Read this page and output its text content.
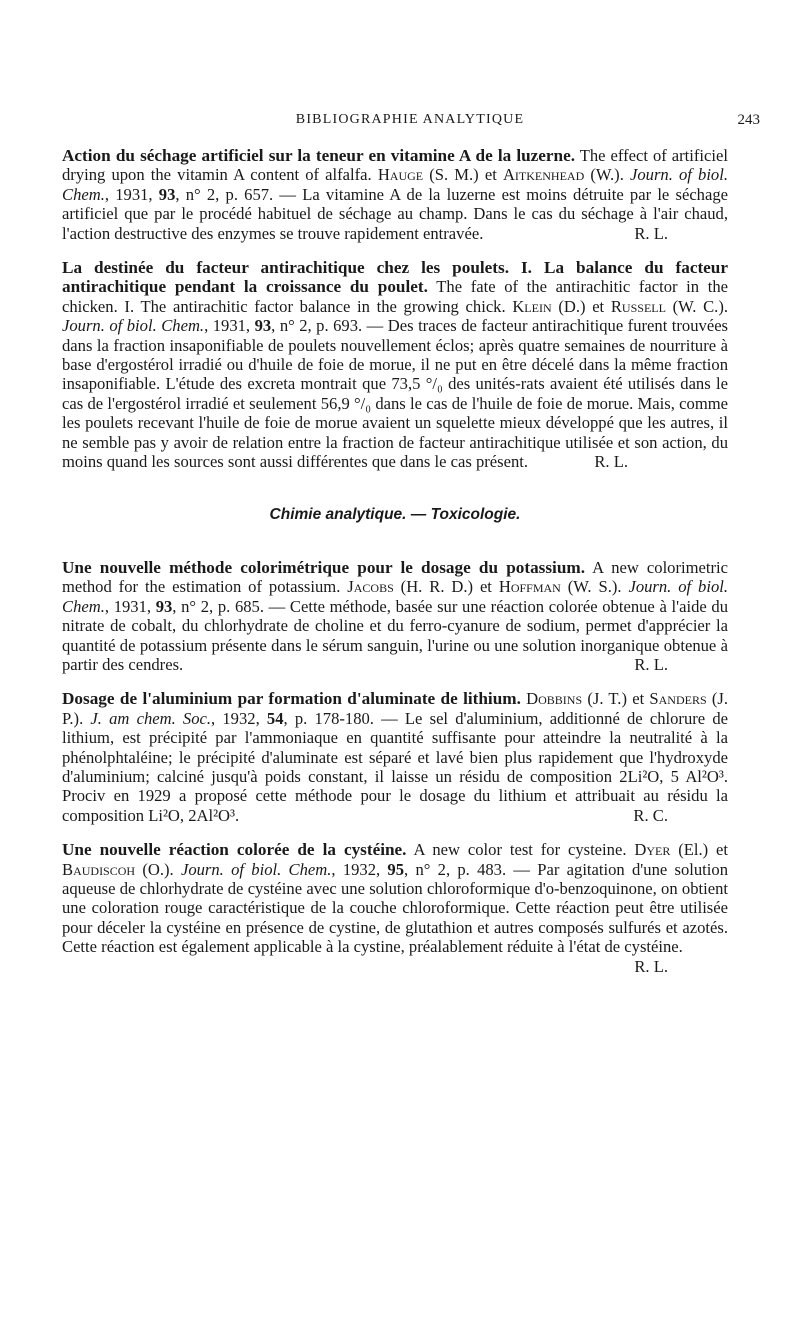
BIBLIOGRAPHIE ANALYTIQUE	243

Action du séchage artificiel sur la teneur en vitamine A de la luzerne. The effect of artificiel drying upon the vitamin A content of alfalfa. Hauge (S. M.) et Aitkenhead (W.). Journ. of biol. Chem., 1931, 93, n° 2, p. 657. — La vitamine A de la luzerne est moins détruite par le séchage artificiel que par le procédé habituel de séchage au champ. Dans le cas du séchage à l'air chaud, l'action destructive des enzymes se trouve rapidement entravée.	R. L.

La destinée du facteur antirachitique chez les poulets. I. La balance du facteur antirachitique pendant la croissance du poulet. The fate of the antirachitic factor in the chicken. I. The antirachitic factor balance in the growing chick. Klein (D.) et Russell (W. C.). Journ. of biol. Chem., 1931, 93, n° 2, p. 693. — Des traces de facteur antirachitique furent trouvées dans la fraction insaponifiable de poulets nouvellement éclos; après quatre semaines de nourriture à base d'ergostérol irradié ou d'huile de foie de morue, il ne put en être décelé dans la même fraction insaponifiable. L'étude des excreta montrait que 73,5 °/₀ des unités-rats avaient été utilisés dans le cas de l'ergostérol irradié et seulement 56,9 °/₀ dans le cas de l'huile de foie de morue. Mais, comme les poulets recevant l'huile de foie de morue avaient un squelette mieux développé que les autres, il ne semble pas y avoir de relation entre la fraction de facteur antirachitique utilisée et son action, du moins quand les sources sont aussi différentes que dans le cas présent.	R. L.

Chimie analytique. — Toxicologie.

Une nouvelle méthode colorimétrique pour le dosage du potassium. A new colorimetric method for the estimation of potassium. Jacobs (H. R. D.) et Hoffman (W. S.). Journ. of biol. Chem., 1931, 93, n° 2, p. 685. — Cette méthode, basée sur une réaction colorée obtenue à l'aide du nitrate de cobalt, du chlorhydrate de choline et du ferro-cyanure de sodium, permet d'apprécier la quantité de potassium présente dans le sérum sanguin, l'urine ou une solution inorganique obtenue à partir des cendres.	R. L.

Dosage de l'aluminium par formation d'aluminate de lithium. Dobbins (J. T.) et Sanders (J. P.). J. am chem. Soc., 1932, 54, p. 178-180. — Le sel d'aluminium, additionné de chlorure de lithium, est précipité par l'ammoniaque en quantité suffisante pour atteindre la neutralité à la phénolphtaléine; le précipité d'aluminate est séparé et lavé bien plus rapidement que l'hydroxyde d'aluminium; calciné jusqu'à poids constant, il laisse un résidu de composition 2Li²O, 5 Al²O³. Prociv en 1929 a proposé cette méthode pour le dosage du lithium et attribuait au résidu la composition Li²O, 2Al²O³.	R. C.

Une nouvelle réaction colorée de la cystéine. A new color test for cysteine. Dyer (El.) et Baudiscoh (O.). Journ. of biol. Chem., 1932, 95, n° 2, p. 483. — Par agitation d'une solution aqueuse de chlorhydrate de cystéine avec une solution chloroformique d'o-benzoquinone, on obtient une coloration rouge caractéristique de la couche chloroformique. Cette réaction peut être utilisée pour déceler la cystéine en présence de cystine, de glutathion et autres composés sulfurés et azotés. Cette réaction est également applicable à la cystine, préalablement réduite à l'état de cystéine.
R. L.
